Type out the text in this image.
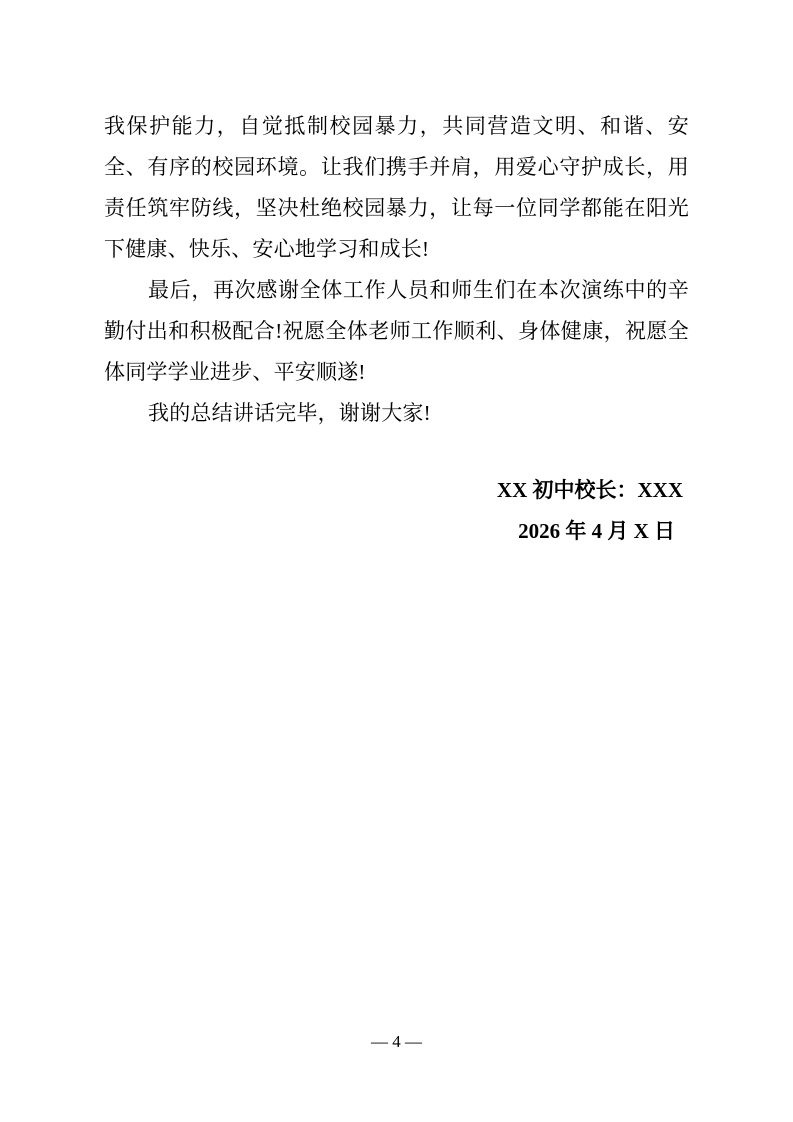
我保护能力，自觉抵制校园暴力，共同营造文明、和谐、安全、有序的校园环境。让我们携手并肩，用爱心守护成长，用责任筑牢防线，坚决杜绝校园暴力，让每一位同学都能在阳光下健康、快乐、安心地学习和成长!

最后，再次感谢全体工作人员和师生们在本次演练中的辛勤付出和积极配合!祝愿全体老师工作顺利、身体健康，祝愿全体同学学业进步、平安顺遂!

我的总结讲话完毕，谢谢大家!

XX 初中校长：XXX
2026 年 4 月 X 日
— 4 —
